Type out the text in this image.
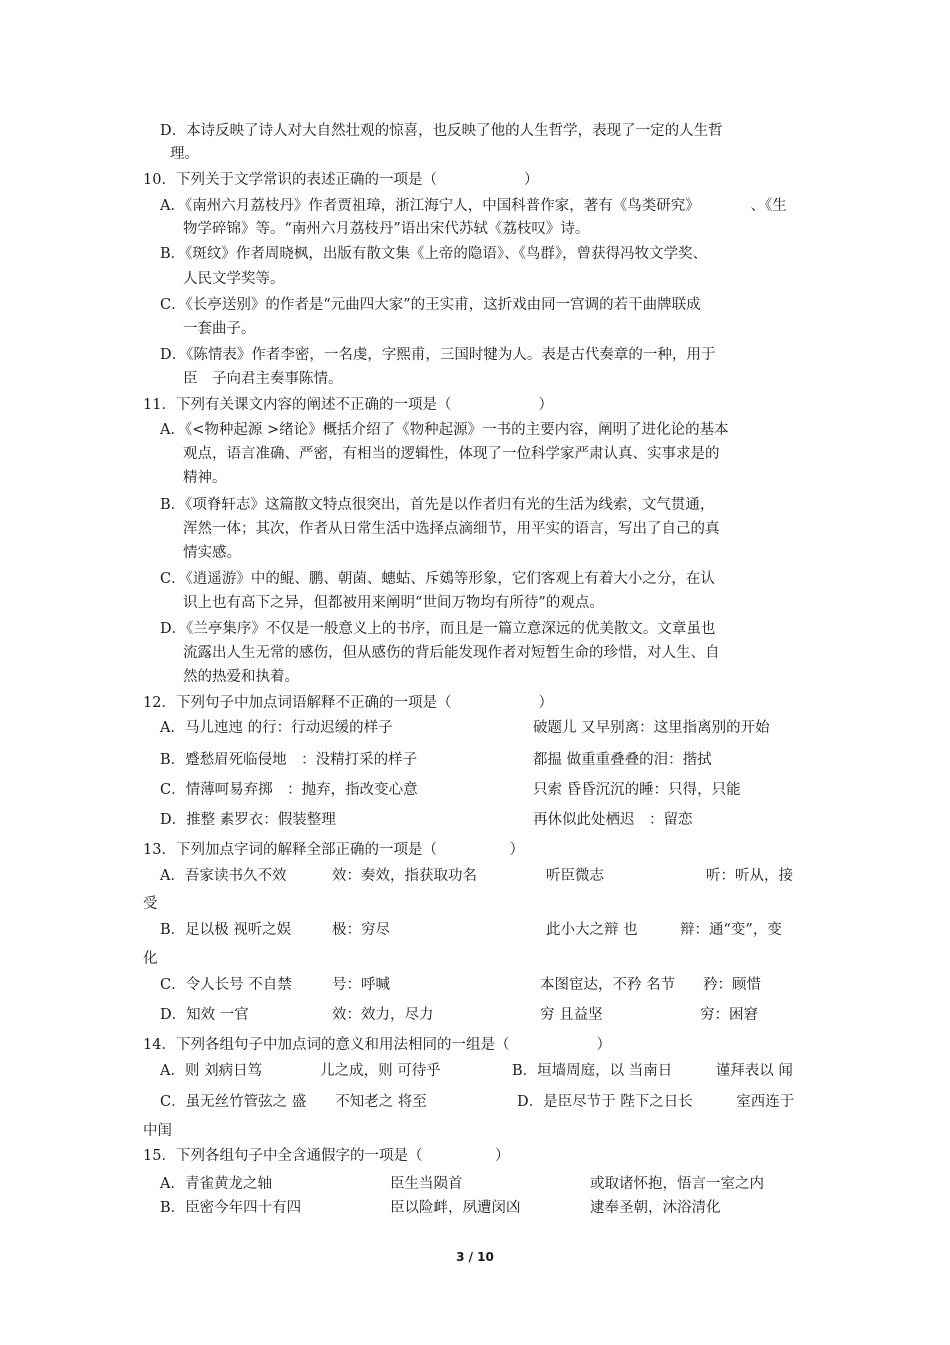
D．本诗反映了诗人对大自然壮观的惊喜，也反映了他的人生哲学，表现了一定的人生哲
理。
10．下列关于文学常识的表述正确的一项是（　　　　　　）
A．《南州六月荔枝丹》作者贾祖璋，浙江海宁人，中国科普作家，著有《鸟类研究》　　　　、《生
物学碎锦》等。“南州六月荔枝丹”语出宋代苏轼《荔枝叹》诗。
B．《斑纹》作者周晓枫，出版有散文集《上帝的隐语》、《鸟群》，曾获得冯牧文学奖、
人民文学奖等。
C．《长亭送别》的作者是“元曲四大家”的王实甫，这折戏由同一宫调的若干曲牌联成
一套曲子。
D．《陈情表》作者李密，一名虔，字熙甫，三国时犍为人。表是古代奏章的一种，用于
臣　子向君主奏事陈情。
11．下列有关课文内容的阐述不正确的一项是（　　　　　　）
A．《<物种起源 >绪论》概括介绍了《物种起源》一书的主要内容，阐明了进化论的基本
观点，语言准确、严密，有相当的逻辑性，体现了一位科学家严肃认真、实事求是的
精神。
B．《项脊轩志》这篇散文特点很突出，首先是以作者归有光的生活为线索，文气贯通，
浑然一体；其次，作者从日常生活中选择点滴细节，用平实的语言，写出了自己的真
情实感。
C．《逍遥游》中的鲲、鹏、朝菌、蟪蛄、斥鴳等形象，它们客观上有着大小之分，在认
识上也有高下之异，但都被用来阐明“世间万物均有所待”的观点。
D．《兰亭集序》不仅是一般意义上的书序，而且是一篇立意深远的优美散文。文章虽也
流露出人生无常的感伤，但从感伤的背后能发现作者对短暂生命的珍惜，对人生、自
然的热爱和执着。
12．下列句子中加点词语解释不正确的一项是（　　　　　　）
A．马儿迍迍 的行：行动迟缓的样子	破题儿 又早别离：这里指离别的开始
B．蹙愁眉死临侵地　：没精打采的样子	都揾 做重重叠叠的泪：揩拭
C．情薄呵易弃掷　：抛弃，指改变心意	只索 昏昏沉沉的睡：只得，只能
D．推整 素罗衣：假装整理	再休似此处栖迟　：留恋
13．下列加点字词的解释全部正确的一项是（　　　　　）
A．吾家读书久不效	效：奏效，指获取功名	听臣微志	听：听从，接
受
B．足以极 视听之娱	极：穷尽	此小大之辩 也	辩：通“变”，变
化
C．令人长号 不自禁	号：呼喊	本图宦达，不矜 名节 矜：顾惜
D．知效 一官	效：效力，尽力	穷 且益坚	穷：困窘
14．下列各组句子中加点词的意义和用法相同的一组是（　　　　　　）
A．则 刘病日笃　　　　儿之成，则 可待乎	B．垣墙周庭，以 当南日　　　谨拜表以 闻
C．虽无丝竹管弦之 盛　　不知老之 将至	D．是臣尽节于 陛下之日长　　　室西连于
中闺
15．下列各组句子中全含通假字的一项是（　　　　　）
A．青雀黄龙之轴	臣生当陨首	或取诸怀抱，悟言一室之内
B．臣密今年四十有四	臣以险衅，夙遭闵凶	逮奉圣朝，沐浴清化
3 / 10
